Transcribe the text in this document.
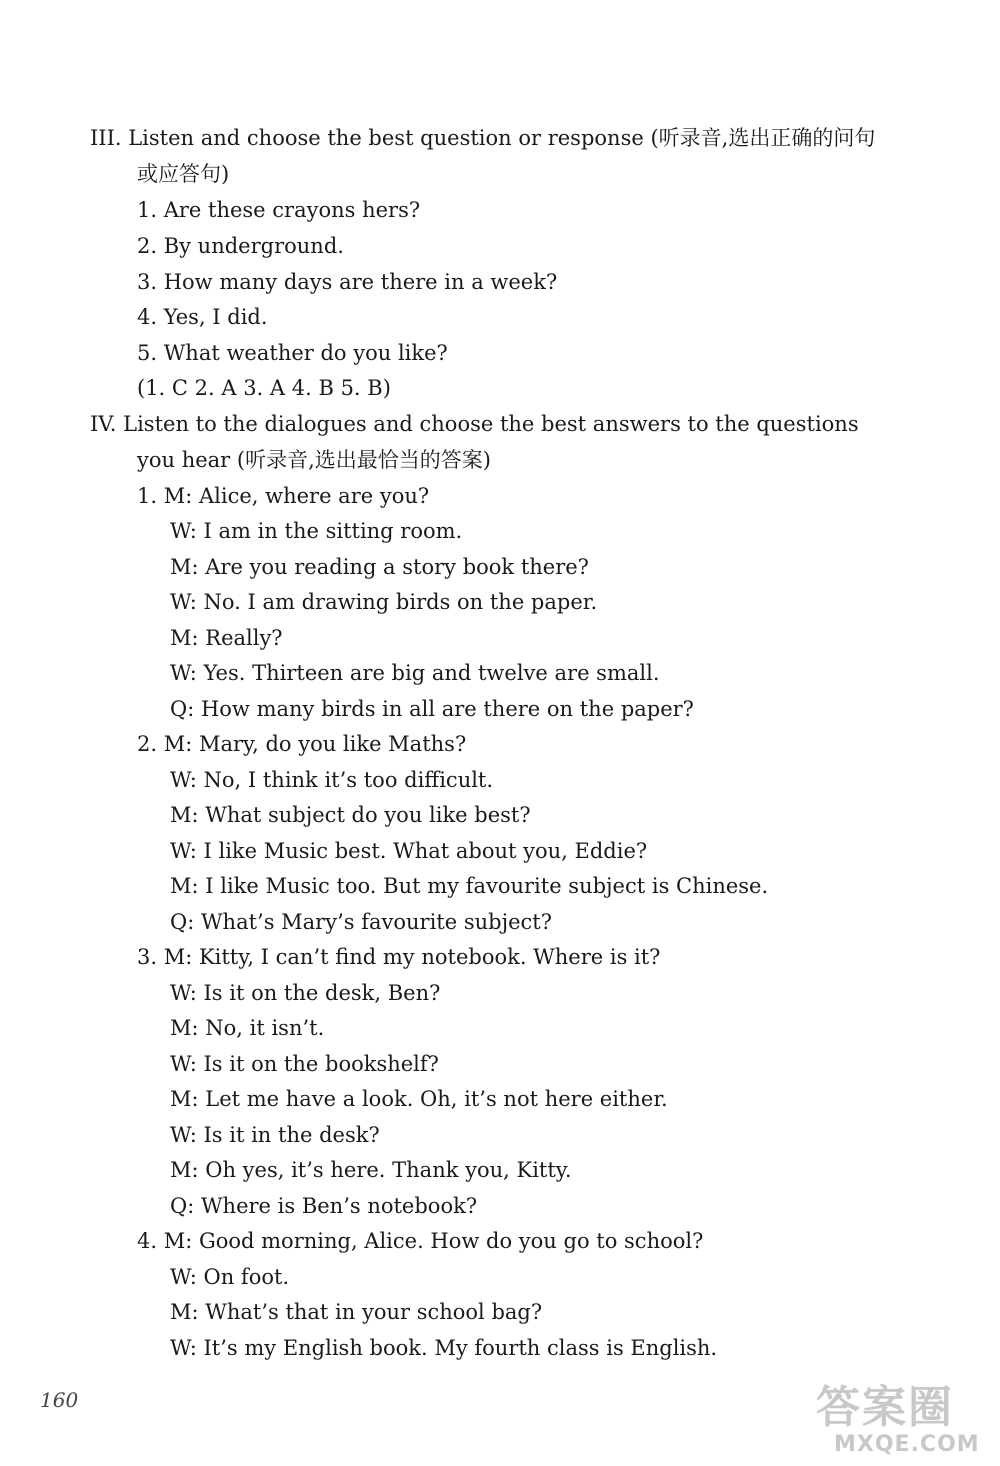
III. Listen and choose the best question or response (听录音,选出正确的问句
或应答句)
1. Are these crayons hers?
2. By underground.
3. How many days are there in a week?
4. Yes, I did.
5. What weather do you like?
(1. C 2. A 3. A 4. B 5. B)
IV. Listen to the dialogues and choose the best answers to the questions
you hear (听录音,选出最恰当的答案)
1. M: Alice, where are you?
W: I am in the sitting room.
M: Are you reading a story book there?
W: No. I am drawing birds on the paper.
M: Really?
W: Yes. Thirteen are big and twelve are small.
Q: How many birds in all are there on the paper?
2. M: Mary, do you like Maths?
W: No, I think it’s too difficult.
M: What subject do you like best?
W: I like Music best. What about you, Eddie?
M: I like Music too. But my favourite subject is Chinese.
Q: What’s Mary’s favourite subject?
3. M: Kitty, I can’t find my notebook. Where is it?
W: Is it on the desk, Ben?
M: No, it isn’t.
W: Is it on the bookshelf?
M: Let me have a look. Oh, it’s not here either.
W: Is it in the desk?
M: Oh yes, it’s here. Thank you, Kitty.
Q: Where is Ben’s notebook?
4. M: Good morning, Alice. How do you go to school?
W: On foot.
M: What’s that in your school bag?
W: It’s my English book. My fourth class is English.
160	答案圈
MXQE.COM
